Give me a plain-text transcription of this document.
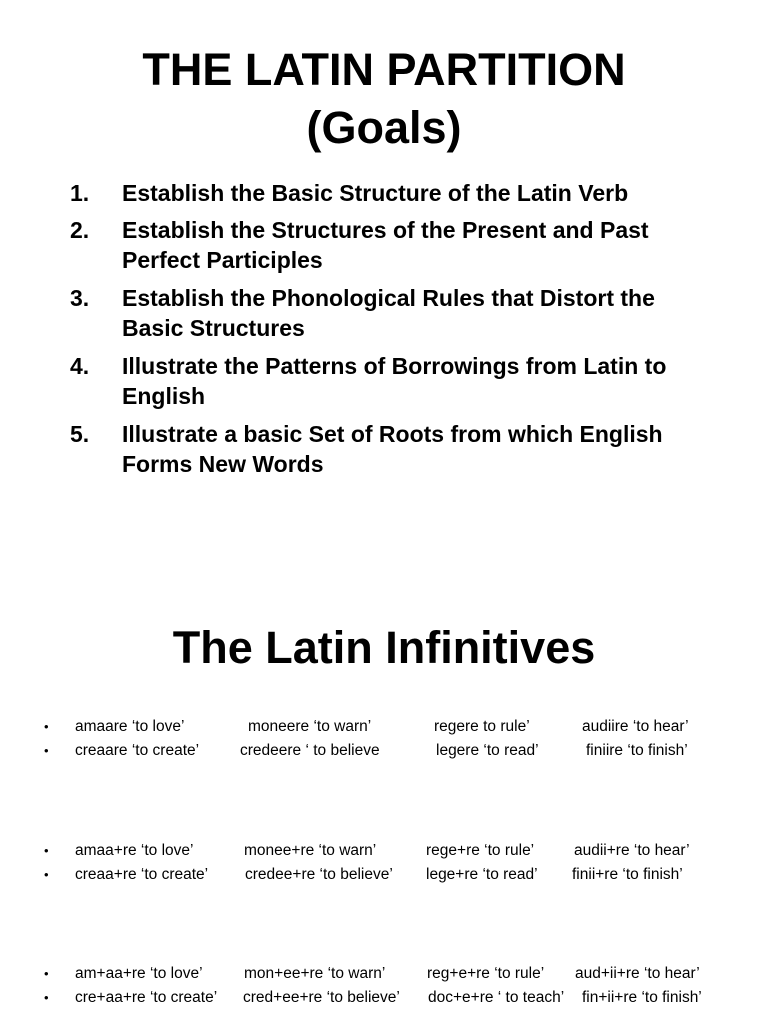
THE LATIN PARTITION
(Goals)
1.	Establish the Basic Structure of the Latin Verb
2.	Establish the Structures of the Present and Past Perfect Participles
3.	Establish the Phonological Rules that Distort the Basic Structures
4.	Illustrate the Patterns of Borrowings from Latin to English
5.	Illustrate a basic Set of Roots from which English Forms New Words
The Latin Infinitives
• amaare ‘to love’	moneere ‘to warn’	regere to rule’	audiire ‘to hear’
• creaare ‘to create’	credeere ‘ to believe	legere ‘to read’	finiire ‘to finish’
• amaa+re ‘to love’	monee+re ‘to warn’	rege+re ‘to rule’	audii+re ‘to hear’
• creaa+re ‘to create’ credee+re ‘to believe’ lege+re ‘to read’ finii+re ‘to finish’
• am+aa+re ‘to love’	mon+ee+re ‘to warn’	reg+e+re ‘to rule’ aud+ii+re ‘to hear’
• cre+aa+re ‘to create’ cred+ee+re ‘to believe’ doc+e+re ‘ to teach’ fin+ii+re ‘to finish’
